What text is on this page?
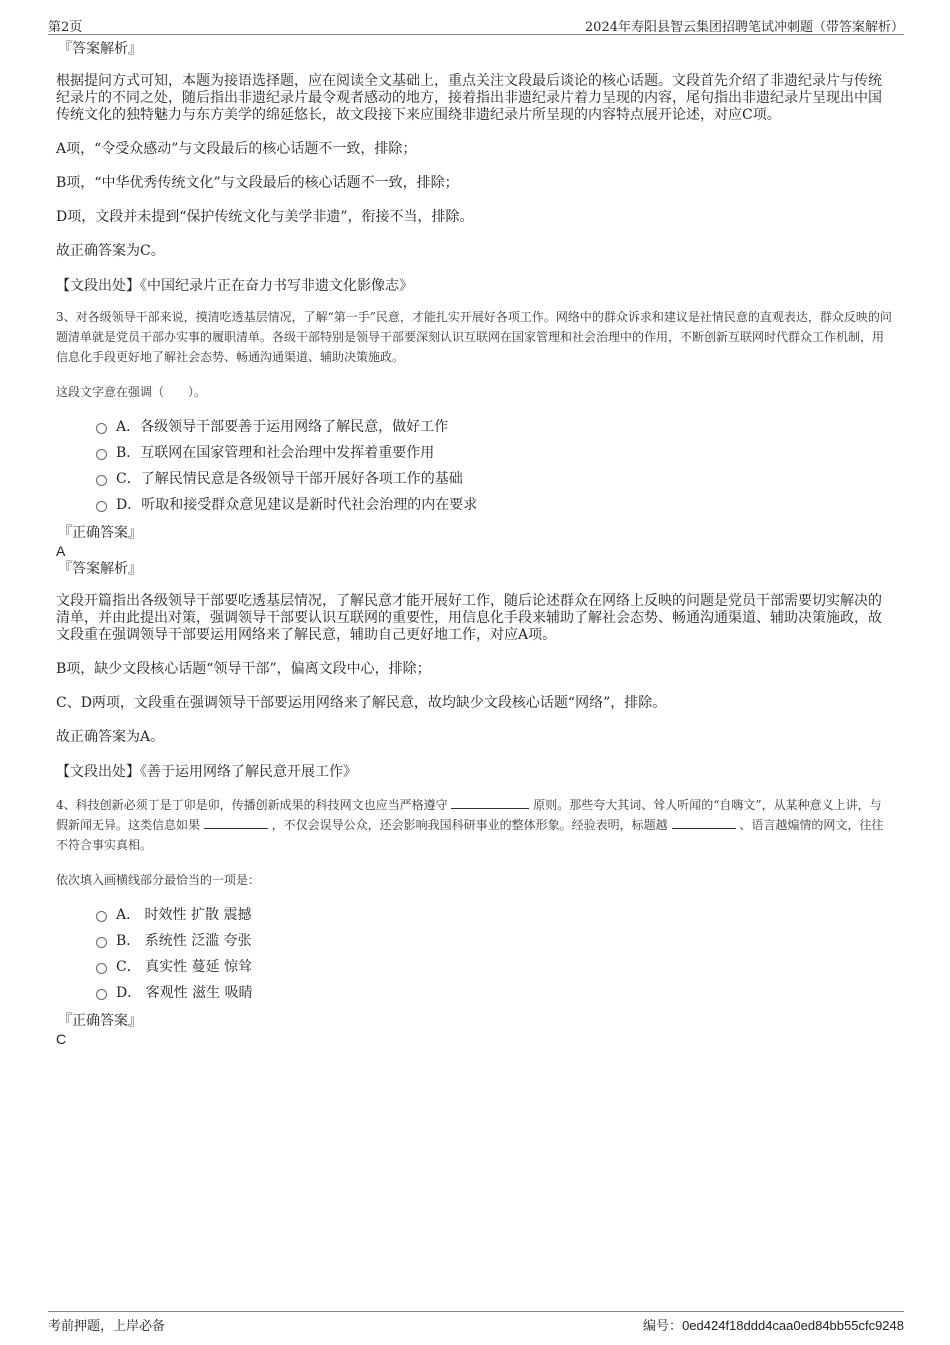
第2页	2024年寿阳县智云集团招聘笔试冲刺题（带答案解析）
『答案解析』
根据提问方式可知，本题为接语选择题，应在阅读全文基础上，重点关注文段最后谈论的核心话题。文段首先介绍了非遗纪录片与传统纪录片的不同之处，随后指出非遗纪录片最令观者感动的地方，接着指出非遗纪录片着力呈现的内容，尾句指出非遗纪录片呈现出中国传统文化的独特魅力与东方美学的绵延悠长，故文段接下来应围绕非遗纪录片所呈现的内容特点展开论述，对应C项。
A项，“令受众感动”与文段最后的核心话题不一致，排除；
B项，“中华优秀传统文化”与文段最后的核心话题不一致，排除；
D项，文段并未提到“保护传统文化与美学非遗”，衔接不当，排除。
故正确答案为C。
【文段出处】《中国纪录片正在奋力书写非遗文化影像志》
3、对各级领导干部来说，摸清吃透基层情况，了解“第一手”民意，才能扎实开展好各项工作。网络中的群众诉求和建议是社情民意的直观表达，群众反映的问题清单就是党员干部办实事的履职清单。各级干部特别是领导干部要深刻认识互联网在国家管理和社会治理中的作用，不断创新互联网时代群众工作机制，用信息化手段更好地了解社会态势、畅通沟通渠道、辅助决策施政。
这段文字意在强调（　　）。
A．各级领导干部要善于运用网络了解民意，做好工作
B．互联网在国家管理和社会治理中发挥着重要作用
C．了解民情民意是各级领导干部开展好各项工作的基础
D．听取和接受群众意见建议是新时代社会治理的内在要求
『正确答案』
A
『答案解析』
文段开篇指出各级领导干部要吃透基层情况，了解民意才能开展好工作，随后论述群众在网络上反映的问题是党员干部需要切实解决的清单，并由此提出对策，强调领导干部要认识互联网的重要性，用信息化手段来辅助了解社会态势、畅通沟通渠道、辅助决策施政，故文段重在强调领导干部要运用网络来了解民意，辅助自己更好地工作，对应A项。
B项，缺少文段核心话题“领导干部”，偏离文段中心，排除；
C、D两项，文段重在强调领导干部要运用网络来了解民意，故均缺少文段核心话题“网络”，排除。
故正确答案为A。
【文段出处】《善于运用网络了解民意开展工作》
4、科技创新必须丁是丁卯是卯，传播创新成果的科技网文也应当严格遵守	原则。那些夸大其词、耸人听闻的“自嗨文”，从某种意义上讲，与假新闻无异。这类信息如果	，不仅会误导公众，还会影响我国科研事业的整体形象。经验表明，标题越	、语言越煽情的网文，往往不符合事实真相。
依次填入画横线部分最恰当的一项是：
A． 时效性 扩散 震撼
B． 系统性 泛滥 夸张
C． 真实性 蔓延 惊耸
D． 客观性 滋生 吸睛
『正确答案』
C
考前押题，上岸必备	编号：0ed424f18ddd4caa0ed84bb55cfc9248
